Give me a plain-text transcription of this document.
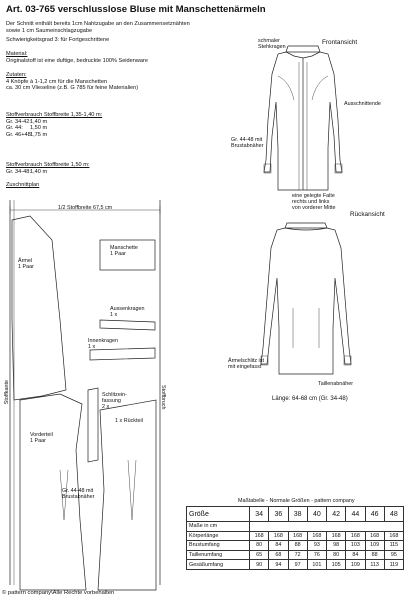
Art. 03-765 verschlusslose Bluse mit Manschettenärmeln
Der Schnitt enthält bereits 1cm Nahtzugabe an den Zusammensetznähten
sowie 1 cm Saumeinschlagzugabe
Schwierigkeitsgrad 3: für Fortgeschrittene
Material:
Originalstoff ist eine duftige, bedruckte 100% Seidenware
Zutaten:
4 Knöpfe à 1-1,2 cm für die Manschetten
ca. 30 cm Vlieseline (z.B. G 785 für feine Materialien)
Stoffverbrauch Stoffbreite 1,35-1,40 m:
Gr. 34-42: 1,40 m
Gr. 44:	1,50 m
Gr. 46+48:
1,75 m
Stoffverbrauch Stoffbreite 1,50 m:
Gr. 34-48: 1,40 m
Zuschnittplan
Frontansicht
schmaler
Stehkragen
Ausschnittende
Gr. 44-48 mit
Brustabnäher
eine gelegte Falte
rechts und links
von vorderer Mitte
Rückansicht
Ärmelschlitz ist
mit eingefasst
Taillenabnäher
Länge: 64-68 cm (Gr. 34-48)
1/2 Stoffbreite 67,5 cm
Stoffkante	Stoffbruch
Ärmel
1 Paar
Manschette
1 Paar
Aussenkragen
1 x
Innenkragen
1 x
Schlitzein-
fassung
2 x
1 x Rückteil
Vorderteil
1 Paar
Gr. 44-48 mit
Brustabnäher
Maßtabelle - Normale Größen - pattern company
Größe	34	36	38	40	42	44	46	48
Maße in cm								
Körperlänge	168	168	168	168	168	168	168	168
Brustumfang	80	84	88	93	98	103	109	115
Taillenumfang	65	68	72	76	80	84	88	95
Gesäßumfang	90	94	97	101	105	109	113	119
© pattern company\Alle Rechte vorbehalten
